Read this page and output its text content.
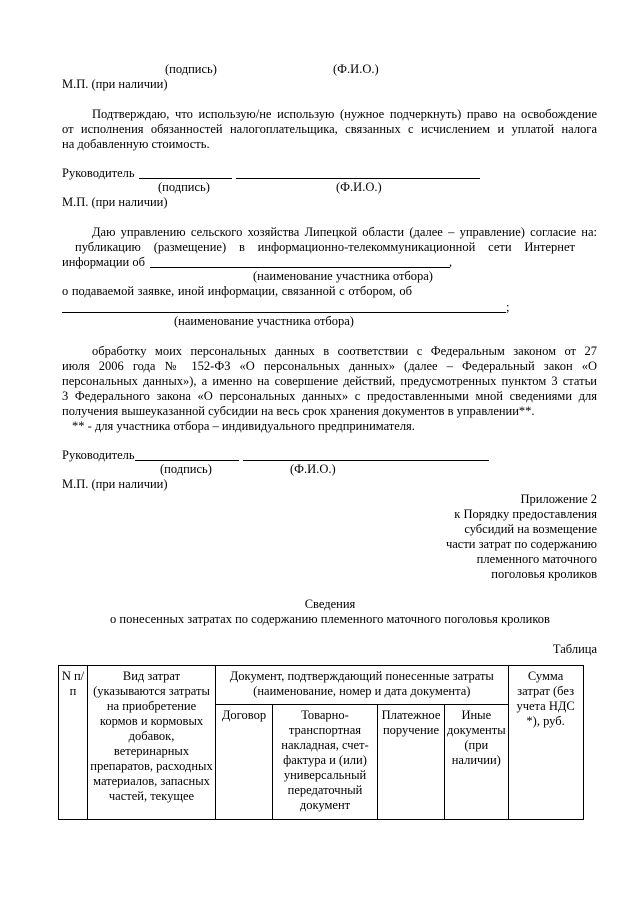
(подпись)	(Ф.И.О.)
М.П. (при наличии)
Подтверждаю, что использую/не использую (нужное подчеркнуть) право на освобождение
от исполнения обязанностей налогоплательщика, связанных с исчислением и уплатой налога
на добавленную стоимость.
Руководитель
(подпись)	(Ф.И.О.)
М.П. (при наличии)
Даю управлению сельского хозяйства Липецкой области (далее – управление) согласие на:
публикацию (размещение) в информационно-телекоммуникационной сети Интернет
информации об	,
(наименование участника отбора)
о подаваемой заявке, иной информации, связанной с отбором, об
;
(наименование участника отбора)
обработку моих персональных данных в соответствии с Федеральным законом от 27
июля 2006 года № 152-ФЗ «О персональных данных» (далее – Федеральный закон «О
персональных данных»), а именно на совершение действий, предусмотренных пунктом 3 статьи
3 Федерального закона «О персональных данных» с предоставленными мной сведениями для
получения вышеуказанной субсидии на весь срок хранения документов в управлении**.
** - для участника отбора – индивидуального предпринимателя.
Руководитель
(подпись)	(Ф.И.О.)
М.П. (при наличии)
Приложение 2
к Порядку предоставления
субсидий на возмещение
части затрат по содержанию
племенного маточного
поголовья кроликов
Сведения
о понесенных затратах по содержанию племенного маточного поголовья кроликов
Таблица
N п/п	Вид затрат (указываются затраты на приобретение кормов и кормовых добавок, ветеринарных препаратов, расходных материалов, запасных частей, текущее	Документ, подтверждающий понесенные затраты (наименование, номер и дата документа)				Сумма затрат (без учета НДС *), руб.

		Договор	Товарно-транспортная накладная, счет-фактура и (или) универсальный передаточный документ	Платежное поручение	Иные документы (при наличии)	
